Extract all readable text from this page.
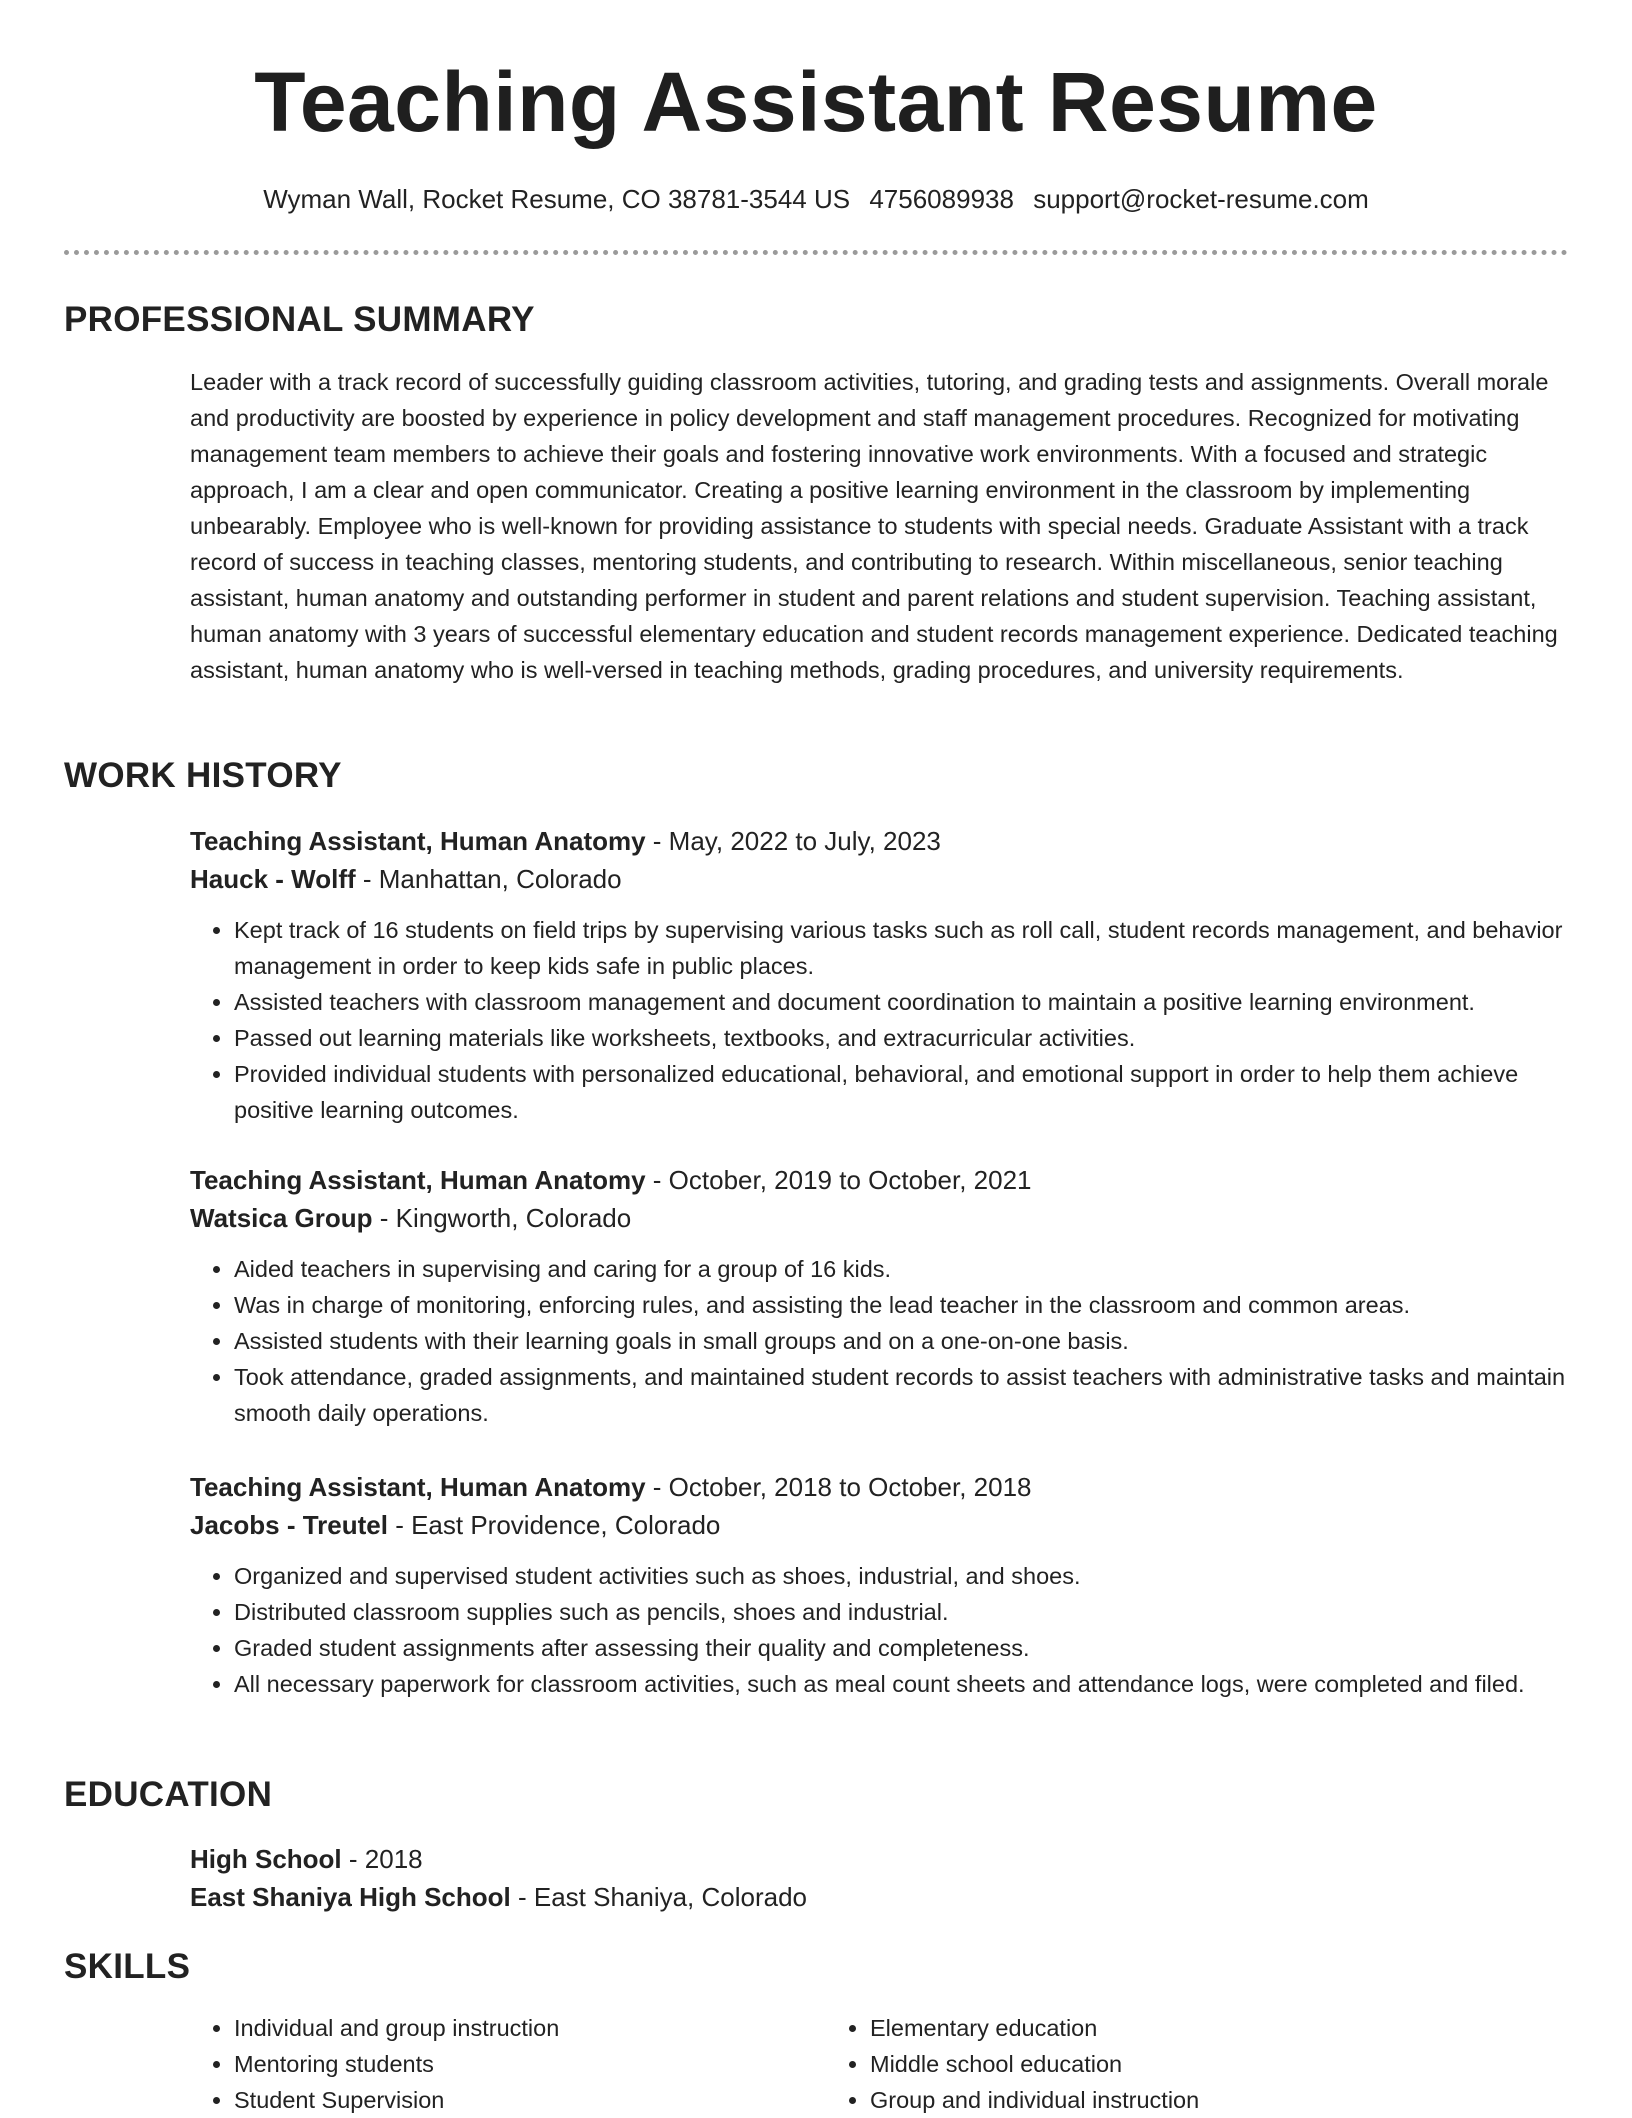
Teaching Assistant Resume
Wyman Wall, Rocket Resume, CO 38781-3544 US 4756089938 support@rocket-resume.com
PROFESSIONAL SUMMARY

Leader with a track record of successfully guiding classroom activities, tutoring, and grading tests and assignments. Overall morale and productivity are boosted by experience in policy development and staff management procedures. Recognized for motivating management team members to achieve their goals and fostering innovative work environments. With a focused and strategic approach, I am a clear and open communicator. Creating a positive learning environment in the classroom by implementing unbearably. Employee who is well-known for providing assistance to students with special needs. Graduate Assistant with a track record of success in teaching classes, mentoring students, and contributing to research. Within miscellaneous, senior teaching assistant, human anatomy and outstanding performer in student and parent relations and student supervision. Teaching assistant, human anatomy with 3 years of successful elementary education and student records management experience. Dedicated teaching assistant, human anatomy who is well-versed in teaching methods, grading procedures, and university requirements.

WORK HISTORY
Teaching Assistant, Human Anatomy - May, 2022 to July, 2023
Hauck - Wolff - Manhattan, Colorado
• Kept track of 16 students on field trips by supervising various tasks such as roll call, student records management, and behavior management in order to keep kids safe in public places.
• Assisted teachers with classroom management and document coordination to maintain a positive learning environment.
• Passed out learning materials like worksheets, textbooks, and extracurricular activities.
• Provided individual students with personalized educational, behavioral, and emotional support in order to help them achieve positive learning outcomes.
Teaching Assistant, Human Anatomy - October, 2019 to October, 2021
Watsica Group - Kingworth, Colorado
• Aided teachers in supervising and caring for a group of 16 kids.
• Was in charge of monitoring, enforcing rules, and assisting the lead teacher in the classroom and common areas.
• Assisted students with their learning goals in small groups and on a one-on-one basis.
• Took attendance, graded assignments, and maintained student records to assist teachers with administrative tasks and maintain smooth daily operations.
Teaching Assistant, Human Anatomy - October, 2018 to October, 2018
Jacobs - Treutel - East Providence, Colorado
• Organized and supervised student activities such as shoes, industrial, and shoes.
• Distributed classroom supplies such as pencils, shoes and industrial.
• Graded student assignments after assessing their quality and completeness.
• All necessary paperwork for classroom activities, such as meal count sheets and attendance logs, were completed and filed.
EDUCATION
High School - 2018
East Shaniya High School - East Shaniya, Colorado
SKILLS
• Individual and group instruction
• Mentoring students
• Student Supervision
• Elementary education
• Middle school education
• Group and individual instruction
